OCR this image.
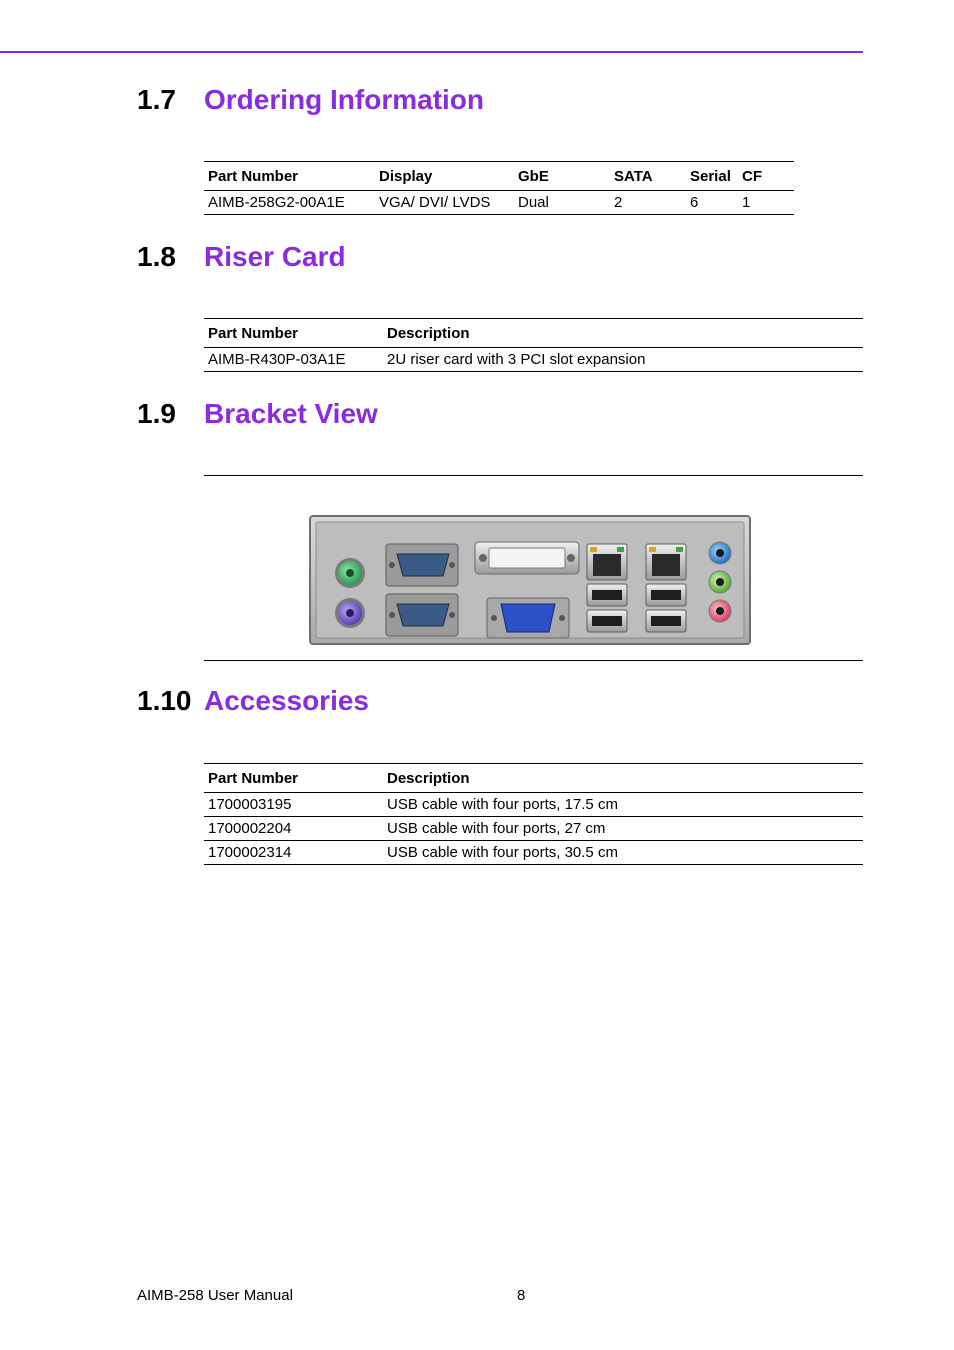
1.7 Ordering Information
Part Number	Display	GbE	SATA	Serial	CF
AIMB-258G2-00A1E	VGA/ DVI/ LVDS	Dual	2	6	1
1.8 Riser Card
Part Number	Description
AIMB-R430P-03A1E	2U riser card with 3 PCI slot expansion
1.9 Bracket View
1.10 Accessories
Part Number	Description
1700003195	USB cable with four ports, 17.5 cm
1700002204	USB cable with four ports, 27 cm
1700002314	USB cable with four ports, 30.5 cm
AIMB-258 User Manual	8
